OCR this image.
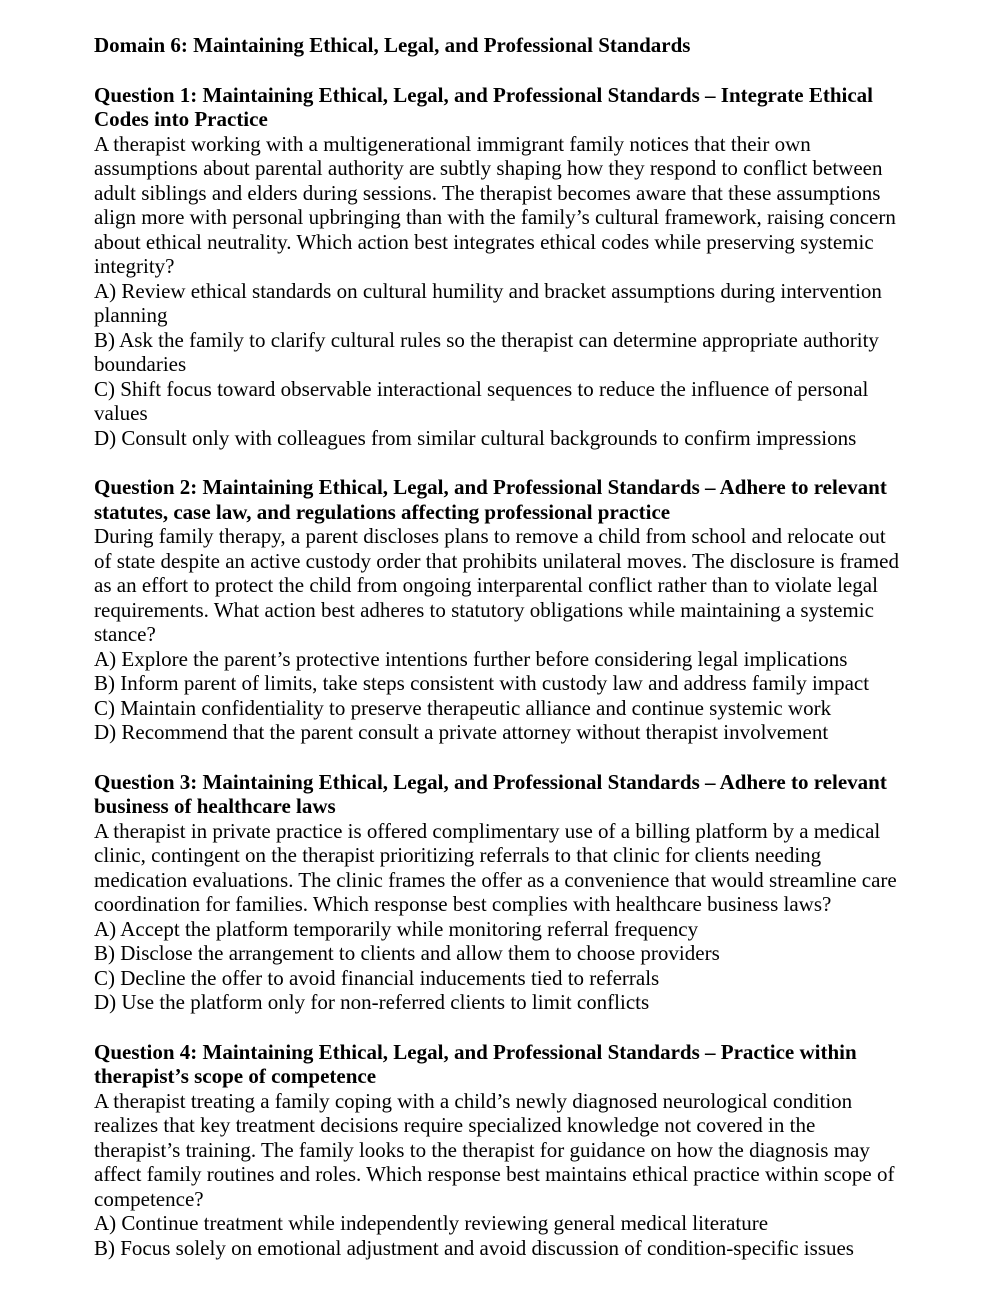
Domain 6: Maintaining Ethical, Legal, and Professional Standards
Question 1: Maintaining Ethical, Legal, and Professional Standards – Integrate Ethical Codes into Practice
A therapist working with a multigenerational immigrant family notices that their own assumptions about parental authority are subtly shaping how they respond to conflict between adult siblings and elders during sessions. The therapist becomes aware that these assumptions align more with personal upbringing than with the family’s cultural framework, raising concern about ethical neutrality. Which action best integrates ethical codes while preserving systemic integrity?
A) Review ethical standards on cultural humility and bracket assumptions during intervention planning
B) Ask the family to clarify cultural rules so the therapist can determine appropriate authority boundaries
C) Shift focus toward observable interactional sequences to reduce the influence of personal values
D) Consult only with colleagues from similar cultural backgrounds to confirm impressions
Question 2: Maintaining Ethical, Legal, and Professional Standards – Adhere to relevant statutes, case law, and regulations affecting professional practice
During family therapy, a parent discloses plans to remove a child from school and relocate out of state despite an active custody order that prohibits unilateral moves. The disclosure is framed as an effort to protect the child from ongoing interparental conflict rather than to violate legal requirements. What action best adheres to statutory obligations while maintaining a systemic stance?
A) Explore the parent’s protective intentions further before considering legal implications
B) Inform parent of limits, take steps consistent with custody law and address family impact
C) Maintain confidentiality to preserve therapeutic alliance and continue systemic work
D) Recommend that the parent consult a private attorney without therapist involvement
Question 3: Maintaining Ethical, Legal, and Professional Standards – Adhere to relevant business of healthcare laws
A therapist in private practice is offered complimentary use of a billing platform by a medical clinic, contingent on the therapist prioritizing referrals to that clinic for clients needing medication evaluations. The clinic frames the offer as a convenience that would streamline care coordination for families. Which response best complies with healthcare business laws?
A) Accept the platform temporarily while monitoring referral frequency
B) Disclose the arrangement to clients and allow them to choose providers
C) Decline the offer to avoid financial inducements tied to referrals
D) Use the platform only for non-referred clients to limit conflicts
Question 4: Maintaining Ethical, Legal, and Professional Standards – Practice within therapist’s scope of competence
A therapist treating a family coping with a child’s newly diagnosed neurological condition realizes that key treatment decisions require specialized knowledge not covered in the therapist’s training. The family looks to the therapist for guidance on how the diagnosis may affect family routines and roles. Which response best maintains ethical practice within scope of competence?
A) Continue treatment while independently reviewing general medical literature
B) Focus solely on emotional adjustment and avoid discussion of condition-specific issues
